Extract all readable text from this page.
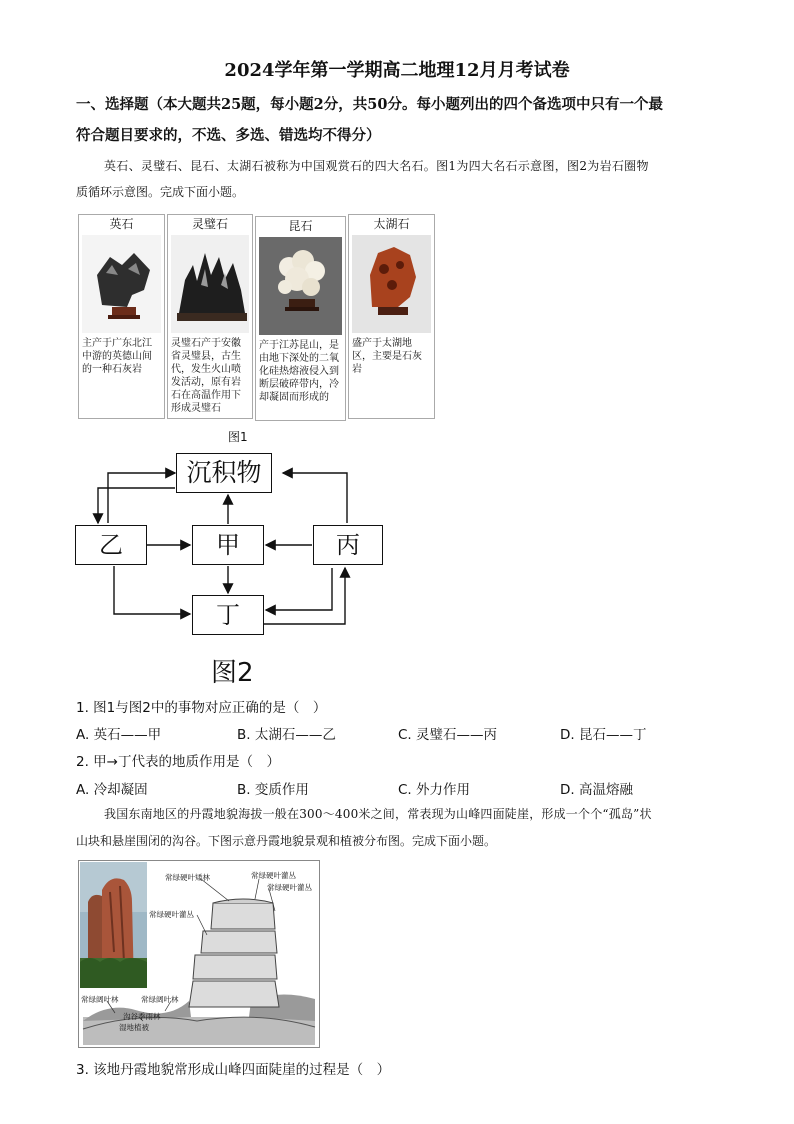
2024学年第一学期高二地理12月月考试卷
一、选择题（本大题共25题，每小题2分，共50分。每小题列出的四个备选项中只有一个最
符合题目要求的，不选、多选、错选均不得分）
英石、灵璧石、昆石、太湖石被称为中国观赏石的四大名石。图1为四大名石示意图，图2为岩石圈物
质循环示意图。完成下面小题。
英石
主产于广东北江中游的英德山间的一种石灰岩
灵璧石
灵璧石产于安徽省灵璧县，古生代，发生火山喷发活动，原有岩石在高温作用下形成灵璧石
昆石
产于江苏昆山，是由地下深处的二氧化硅热熔液侵入到断层破碎带内，冷却凝固而形成的
太湖石
盛产于太湖地区，主要是石灰岩
图1
沉积物
乙	甲	丙
丁
图2
1. 图1与图2中的事物对应正确的是（　）
A. 英石——甲	B. 太湖石——乙	C. 灵璧石——丙	D. 昆石——丁
2. 甲→丁代表的地质作用是（　）
A. 冷却凝固	B. 变质作用	C. 外力作用	D. 高温熔融
我国东南地区的丹霞地貌海拔一般在300～400米之间，常表现为山峰四面陡崖，形成一个个“孤岛”状
山块和悬崖围闭的沟谷。下图示意丹霞地貌景观和植被分布图。完成下面小题。
常绿硬叶矮林	常绿硬叶灌丛
常绿硬叶灌丛
常绿硬叶灌丛
常绿阔叶林	常绿阔叶林
沟谷季雨林
湿地植被
3. 该地丹霞地貌常形成山峰四面陡崖的过程是（　）
